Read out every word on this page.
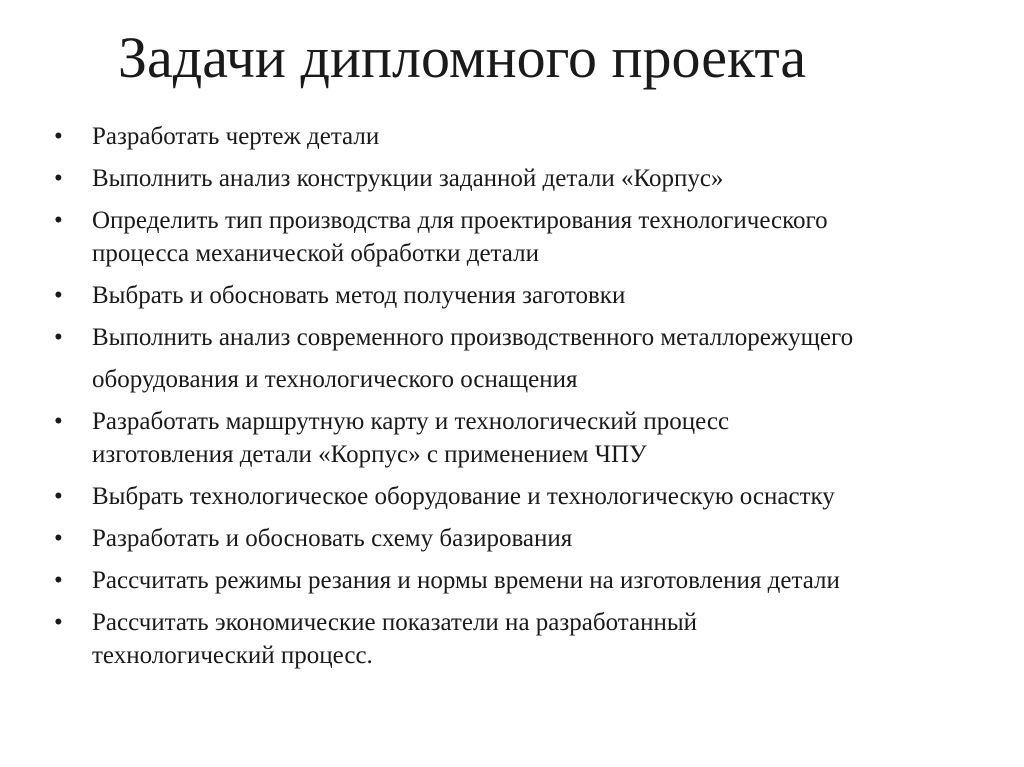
Задачи дипломного проекта
•	Разработать чертеж детали
•	Выполнить анализ конструкции заданной детали «Корпус»
•	Определить тип производства для проектирования технологического
процесса механической обработки детали
•	Выбрать и обосновать метод получения заготовки
•	Выполнить анализ современного производственного металлорежущего
оборудования и технологического оснащения
•	Разработать маршрутную карту и технологический процесс
изготовления детали «Корпус» с применением ЧПУ
•	Выбрать технологическое оборудование и технологическую оснастку
•	Разработать и обосновать схему базирования
•	Рассчитать режимы резания и нормы времени на изготовления детали
•	Рассчитать экономические показатели на разработанный
технологический процесс.
